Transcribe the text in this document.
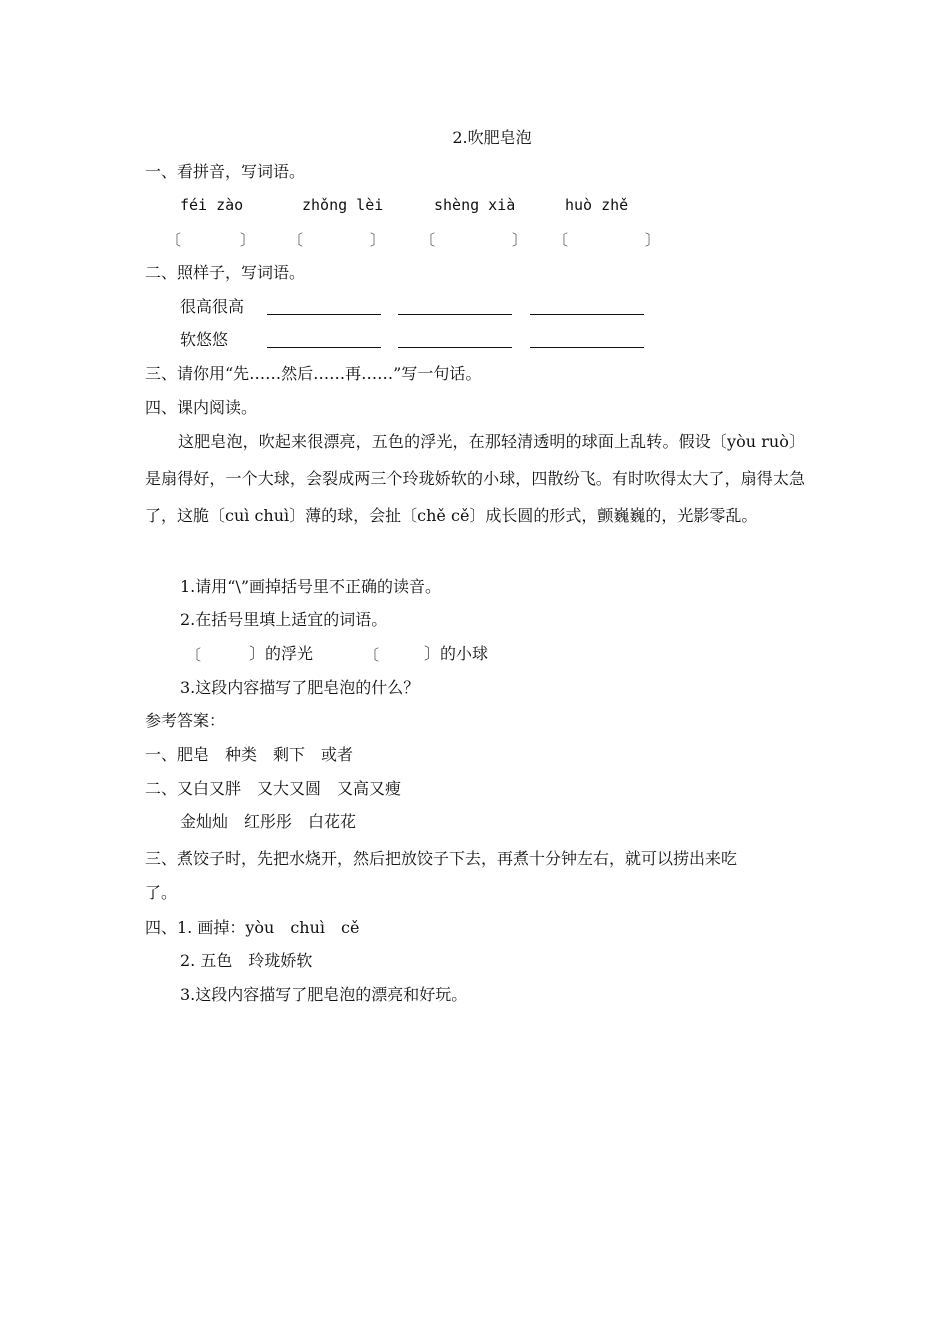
2.吹肥皂泡
一、看拼音，写词语。
féi zào	zhǒng lèi	shèng xià	huò zhě
〔	〕 〔	〕 〔	〕 〔	〕
二、照样子，写词语。
很高很高
软悠悠
三、请你用“先……然后……再……”写一句话。
四、课内阅读。
这肥皂泡，吹起来很漂亮，五色的浮光，在那轻清透明的球面上乱转。假设〔yòu ruò〕是扇得好，一个大球，会裂成两三个玲珑娇软的小球，四散纷飞。有时吹得太大了，扇得太急了，这脆〔cuì chuì〕薄的球，会扯〔chě cě〕成长圆的形式，颤巍巍的，光影零乱。
1.请用“\”画掉括号里不正确的读音。
2.在括号里填上适宜的词语。
〔	〕的浮光	〔	〕的小球
3.这段内容描写了肥皂泡的什么？
参考答案：
一、肥皂　种类　剩下　或者
二、又白又胖　又大又圆　又高又瘦
金灿灿　红彤彤　白花花
三、煮饺子时，先把水烧开，然后把放饺子下去，再煮十分钟左右，就可以捞出来吃
了。
四、1. 画掉：yòu　chuì　cě
2. 五色　玲珑娇软
3.这段内容描写了肥皂泡的漂亮和好玩。
